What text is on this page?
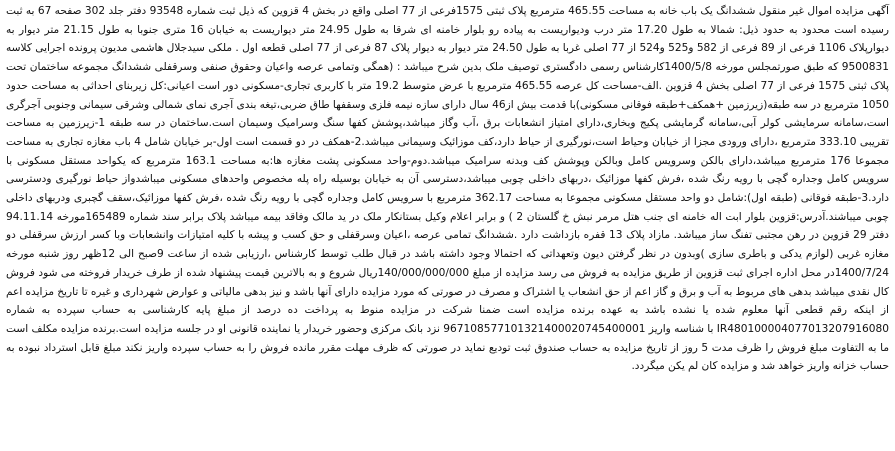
آگهی مزایده اموال غیر منقول ششدانگ یک باب خانه به مساحت 465.55 مترمربع پلاک ثبتی 1575فرعی از 77 اصلی واقع در بخش 4 قزوین که ذیل ثبت شماره 93548 دفتر جلد 302 صفحه 67 به ثبت رسیده است محدود به حدود ذیل: شمالا به طول 17.20 متر درب ودیواریست به پیاده رو بلوار خامنه ای شرقا به طول 24.95 متر دیواریست به خیابان 16 متری جنوبا به طول 21.15 متر دیوار به دیوارپلاک 1106 فرعی از 89 فرعی از 582 و525 و524 از 77 اصلی غربا به طول 24.50 متر دیوار به دیوار پلاک 87 فرعی از 77 اصلی قطعه اول . ملکی سیدجلال هاشمی مدیون پرونده اجرایی کلاسه 9500831 که طبق صورتمجلس مورخه 1400/5/8کارشناس رسمی دادگستری توصیف ملک بدین شرح میباشد : (همگی وتمامی عرصه واعیان وحقوق صنفی وسرقفلی ششدانگ مجموعه ساختمان تحت پلاک ثبتی 1575 فرعی از 77 اصلی بخش 4 قزوین .الف-مساحت کل عرصه 465.55 مترمربع با عرض متوسط 19.2 متر با کاربری تجاری-مسکونی دور است اعیانی:کل زیربنای احداثی به مساحت حدود 1050 مترمربع در سه طبقه(زیرزمین +همکف+طبقه فوقانی مسکونی)با قدمت بیش از46 سال دارای سازه نیمه فلزی وسقفها طاق ضربی،تیغه بندی آجری نمای شمالی وشرقی سیمانی وجنوبی آجرگری است،سامانه سرمایشی کولر آبی،سامانه گرمایشی پکیج وبخاری،دارای امتیاز انشعابات برق ،آب وگاز میباشد،پوشش کفها سنگ وسرامیک وسیمان است.ساختمان در سه طبقه 1-زیرزمین به مساحت تقریبی 333.10 مترمربع ،دارای ورودی مجزا از خیابان وحیاط است،نورگیری از حیاط دارد،کف موزائیک وسیمانی میباشد.2-همکف در دو قسمت است اول-بر خیابان شامل 4 باب مغازه تجاری به مساحت مجموعا 176 مترمربع میباشد،دارای بالکن وسرویس کامل وبالکن وپوشش کف وبدنه سرامیک میباشد.دوم-واحد مسکونی پشت مغازه ها:به مساحت 163.1 مترمربع که یکواحد مستقل مسکونی با سرویس کامل وجداره گچی با رویه رنگ شده ،فرش کفها موزائیک ،دربهای داخلی چوبی میباشد،دسترسی آن به خیابان بوسیله راه پله مخصوص واحدهای مسکونی میباشدواز حیاط نورگیری ودسترسی دارد.3-طبقه فوقانی (طبقه اول):شامل دو واحد مستقل مسکونی مجموعا به مساحت 362.17 مترمربع با سرویس کامل وجداره گچی با رویه رنگ شده ،فرش کفها موزائیک،سقف گچبری ودربهای داخلی چوبی میباشند.آدرس:قزوین بلوار ابت اله خامنه ای جنب هتل مرمر نبش خ گلستان 2 ) و برابر اعلام وکیل بستانکار ملک در ید مالک وفاقد بیمه میباشد پلاک برابر سند شماره 165489مورخه 94.11.14 دفتر 29 قزوین در رهن مجتبی تفنگ ساز میباشد. مازاد پلاک 13 قفره بازداشت دارد .ششدانگ تمامی عرصه ،اعیان وسرقفلی و حق کسب و پیشه با کلیه امتیازات وانشعابات وبا کسر ارزش سرقفلی دو مغازه غربی (لوازم یدکی و باطری سازی )وبدون در نظر گرفتن دیون وتعهداتی که احتمالا وجود داشته باشد در قبال طلب توسط کارشناس ،ارزیابی شده از ساعت 9صبح الی 12ظهر روز شنبه مورخه 1400/7/24در محل اداره اجرای ثبت قزوین از طریق مزایده به فروش می رسد مزایده از مبلغ 140/000/000/000ریال شروع و به بالاترین قیمت پیشنهاد شده از طرف خریدار فروخته می شود فروش کال نقدی میباشد بدهی های مربوط به آب و برق و گاز اعم از حق انشعاب یا اشتراک و مصرف در صورتی که مورد مزایده دارای آنها باشد و نیز بدهی مالیاتی و عوارض شهرداری و غیره تا تاریخ مزایده اعم از اینکه رقم قطعی آنها معلوم شده یا نشده باشد به عهده برنده مزایده است ضمنا شرکت در مزایده منوط به پرداخت ده درصد از مبلغ پایه کارشناسی به حساب سپرده به شماره IR480100004077013207916080 با شناسه واریز 967108577101321400020745400001 نزد بانک مرکزی وحضور خریدار یا نماینده قانونی او در جلسه مزایده است.برنده مزایده مکلف است ما به التفاوت مبلغ فروش را ظرف مدت 5 روز از تاریخ مزایده به حساب صندوق ثبت تودیع نماید در صورتی که ظرف مهلت مقرر مانده فروش را به حساب سپرده واریز نکند مبلغ قابل استرداد نبوده به حساب خزانه واریز خواهد شد و مزایده کان لم یکن میگردد.
